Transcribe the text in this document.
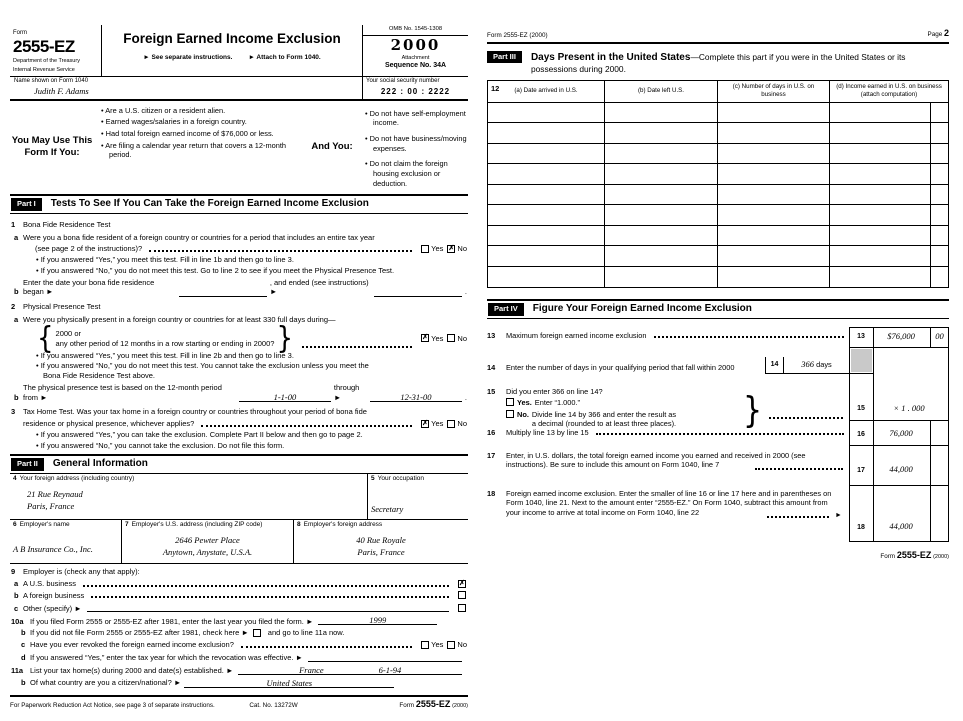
Form
2555-EZ
Department of the Treasury
Internal Revenue Service
Foreign Earned Income Exclusion
► See separate instructions. ► Attach to Form 1040.
OMB No. 1545-1308
2000
Attachment
Sequence No. 34A
Name shown on Form 1040
Judith F. Adams
Your social security number
222 : 00 : 2222
You May Use This Form If You:
• Are a U.S. citizen or a resident alien.
• Earned wages/salaries in a foreign country.
• Had total foreign earned income of $76,000 or less.
• Are filing a calendar year return that covers a 12-month period.
And You:
• Do not have self-employment income.
• Do not have business/moving expenses.
• Do not claim the foreign housing exclusion or deduction.
Part I	Tests To See If You Can Take the Foreign Earned Income Exclusion
1	Bona Fide Residence Test
a Were you a bona fide resident of a foreign country or countries for a period that includes an entire tax year
(see page 2 of the instructions)?	Yes ✗ No
• If you answered “Yes,” you meet this test. Fill in line 1b and then go to line 3.
• If you answered “No,” you do not meet this test. Go to line 2 to see if you meet the Physical Presence Test.
b
Enter the date your bona fide residence began ►
, and ended (see instructions) ►	.
2	Physical Presence Test
a Were you physically present in a foreign country or countries for at least 330 full days during—
{ 2000 or
any other period of 12 months in a row starting or ending in 2000? }	✗ Yes No
• If you answered “Yes,” you meet this test. Fill in line 2b and then go to line 3.
• If you answered “No,” you do not meet this test. You cannot take the exclusion unless you meet the
Bona Fide Residence Test above.
b
The physical presence test is based on the 12-month period from ►	1-1-00
through ►	12-31-00	.
3	Tax Home Test. Was your tax home in a foreign country or countries throughout your period of bona fide
residence or physical presence, whichever applies?	✗ Yes No
• If you answered “Yes,” you can take the exclusion. Complete Part II below and then go to page 2.
• If you answered “No,” you cannot take the exclusion. Do not file this form.
Part II	General Information
4 Your foreign address (including country)
21 Rue Reynaud
Paris, France
5 Your occupation
Secretary
6 Employer's name
A B Insurance Co., Inc.
7 Employer's U.S. address (including ZIP code)
2646 Pewter Place
Anytown, Anystate, U.S.A.
8 Employer's foreign address
40 Rue Royale
Paris, France
9	Employer is (check any that apply):
a A U.S. business	✗
b A foreign business
c Other (specify) ►
10a If you filed Form 2555 or 2555-EZ after 1981, enter the last year you filed the form. ►	1999
b If you did not file Form 2555 or 2555-EZ after 1981, check here ►	and go to line 11a now.
c Have you ever revoked the foreign earned income exclusion?	Yes No
d If you answered “Yes,” enter the tax year for which the revocation was effective. ►
11a List your tax home(s) during 2000 and date(s) established. ►	France	6-1-94
b Of what country are you a citizen/national? ►	United States
For Paperwork Reduction Act Notice, see page 3 of separate instructions.	Cat. No. 13272W	Form 2555-EZ (2000)
Form 2555-EZ (2000)	Page 2
Part III	Days Present in the United States—Complete this part if you were in the United States or its possessions during 2000.
12 (a) Date arrived in U.S.	(b) Date left U.S.
(c) Number of days in U.S. on business
(d) Income earned in U.S. on business (attach computation)
Part IV	Figure Your Foreign Earned Income Exclusion
13	Maximum foreign earned income exclusion	13	$76,000	00
14	Enter the number of days in your qualifying period that fall within 2000	14	366 days
15	Did you enter 366 on line 14?
Yes. Enter “1.000.”
No. Divide line 14 by 366 and enter the result as
a decimal (rounded to at least three places).	}	15	× 1 . 000
16	Multiply line 13 by line 15	16	76,000
17	Enter, in U.S. dollars, the total foreign earned income you earned and received in 2000 (see instructions). Be sure to include this amount on Form 1040, line 7
17	44,000
18	Foreign earned income exclusion. Enter the smaller of line 16 or line 17 here and in parentheses on Form 1040, line 21. Next to the amount enter “2555-EZ.” On Form 1040, subtract this amount from your income to arrive at total income on Form 1040, line 22	►
18	44,000
Form 2555-EZ (2000)
